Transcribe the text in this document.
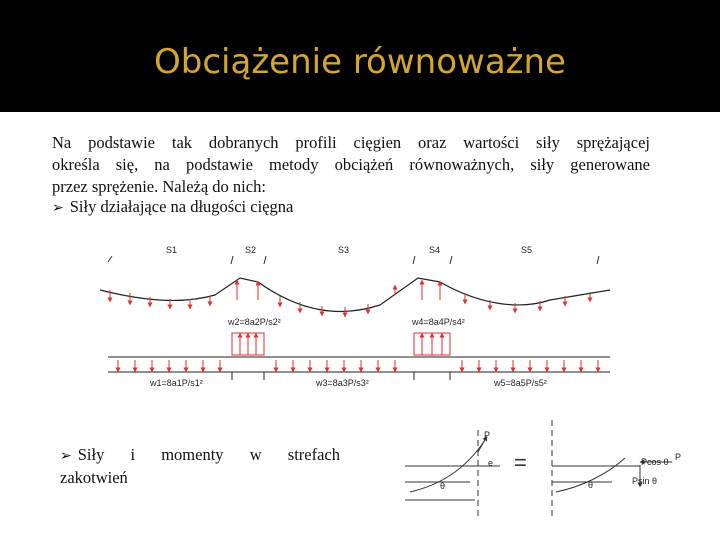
Obciążenie równoważne
Na podstawie tak dobranych profili cięgien oraz wartości siły sprężającej
określa się, na podstawie metody obciążeń równoważnych, siły generowane
przez sprężenie. Należą do nich:
➢ Siły działające na długości cięgna
➢ Siły i momenty w strefach
zakotwień
S1	S2	S3	S4	S5
w2=8a2P/s2²	w4=8a4P/s4²
w1=8a1P/s1²	w3=8a3P/s3²	w5=8a5P/s5²
P
e
θ
=	Pcos θ P
Psin θ
θ
